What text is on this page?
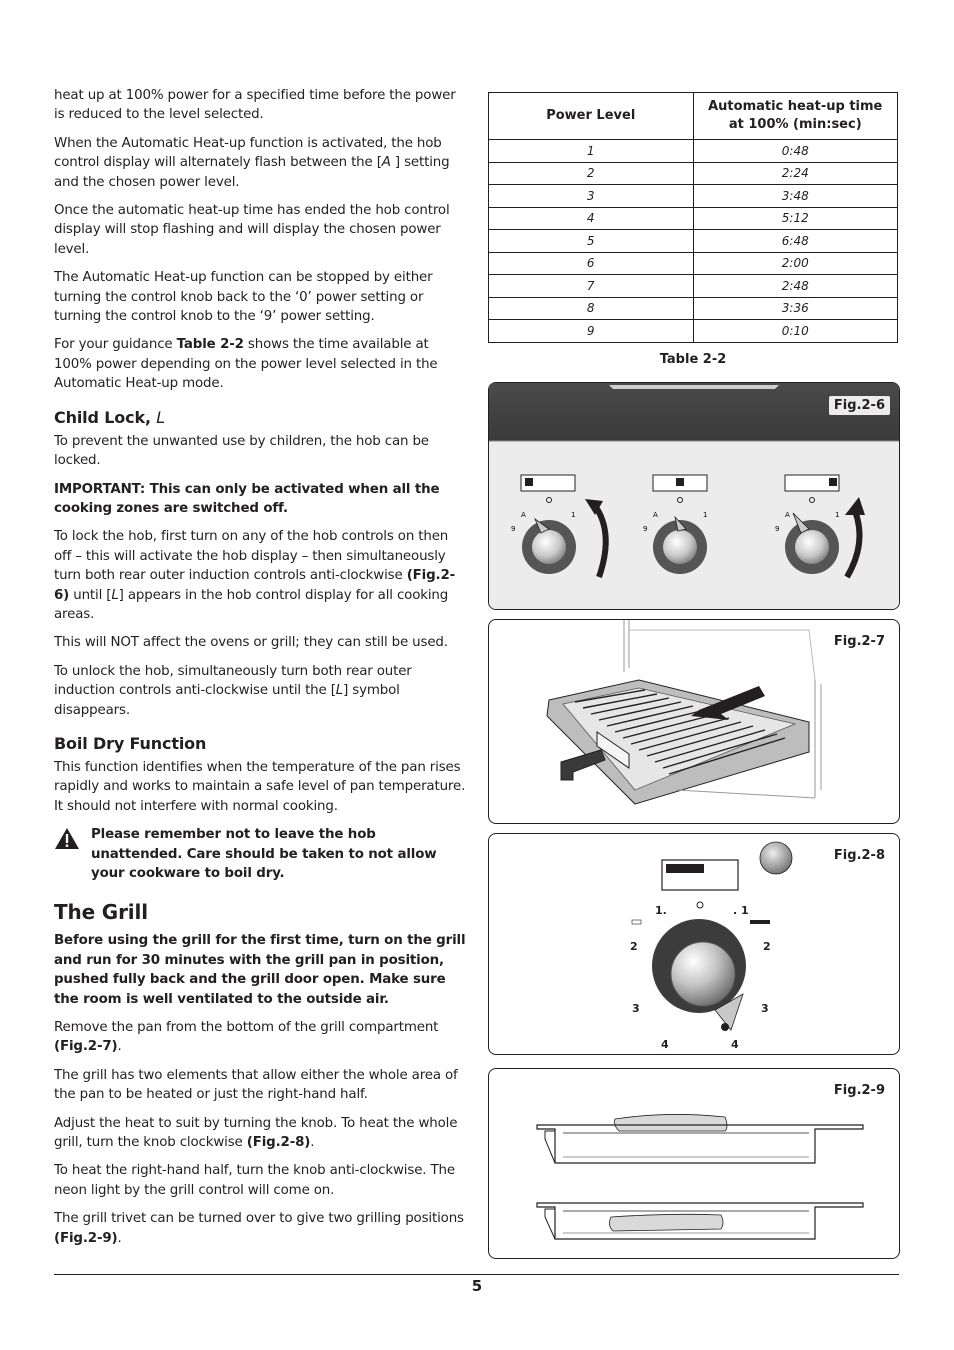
heat up at 100% power for a specified time before the power is reduced to the level selected.

When the Automatic Heat-up function is activated, the hob control display will alternately flash between the [A ] setting and the chosen power level.

Once the automatic heat-up time has ended the hob control display will stop flashing and will display the chosen power level.

The Automatic Heat-up function can be stopped by either turning the control knob back to the ‘0’ power setting or turning the control knob to the ‘9’ power setting.

For your guidance Table 2-2 shows the time available at 100% power depending on the power level selected in the Automatic Heat-up mode.

Child Lock, L

To prevent the unwanted use by children, the hob can be locked.

IMPORTANT: This can only be activated when all the cooking zones are switched off.

To lock the hob, first turn on any of the hob controls on then off – this will activate the hob display – then simultaneously turn both rear outer induction controls anti-clockwise (Fig.2-6) until [L] appears in the hob control display for all cooking areas.

This will NOT affect the ovens or grill; they can still be used.

To unlock the hob, simultaneously turn both rear outer induction controls anti-clockwise until the [L] symbol disappears.

Boil Dry Function

This function identifies when the temperature of the pan rises rapidly and works to maintain a safe level of pan temperature. It should not interfere with normal cooking.

Please remember not to leave the hob unattended. Care should be taken to not allow your cookware to boil dry.
The Grill

Before using the grill for the first time, turn on the grill and run for 30 minutes with the grill pan in position, pushed fully back and the grill door open. Make sure the room is well ventilated to the outside air.

Remove the pan from the bottom of the grill compartment (Fig.2-7).

The grill has two elements that allow either the whole area of the pan to be heated or just the right-hand half.

Adjust the heat to suit by turning the knob. To heat the whole grill, turn the knob clockwise (Fig.2-8).

To heat the right-hand half, turn the knob anti-clockwise. The neon light by the grill control will come on.

The grill trivet can be turned over to give two grilling positions (Fig.2-9).

Power Level	Automatic heat-up time at 100% (min:sec)
1	0:48
2	2:24
3	3:48
4	5:12
5	6:48
6	2:00
7	2:48
8	3:36
9	0:10
Table 2-2
Fig.2-6
A
9
1	A
9
1	A
9
1
Fig.2-7
Fig.2-8
1.	. 1
2	2
3	3
4	4
Fig.2-9
5
